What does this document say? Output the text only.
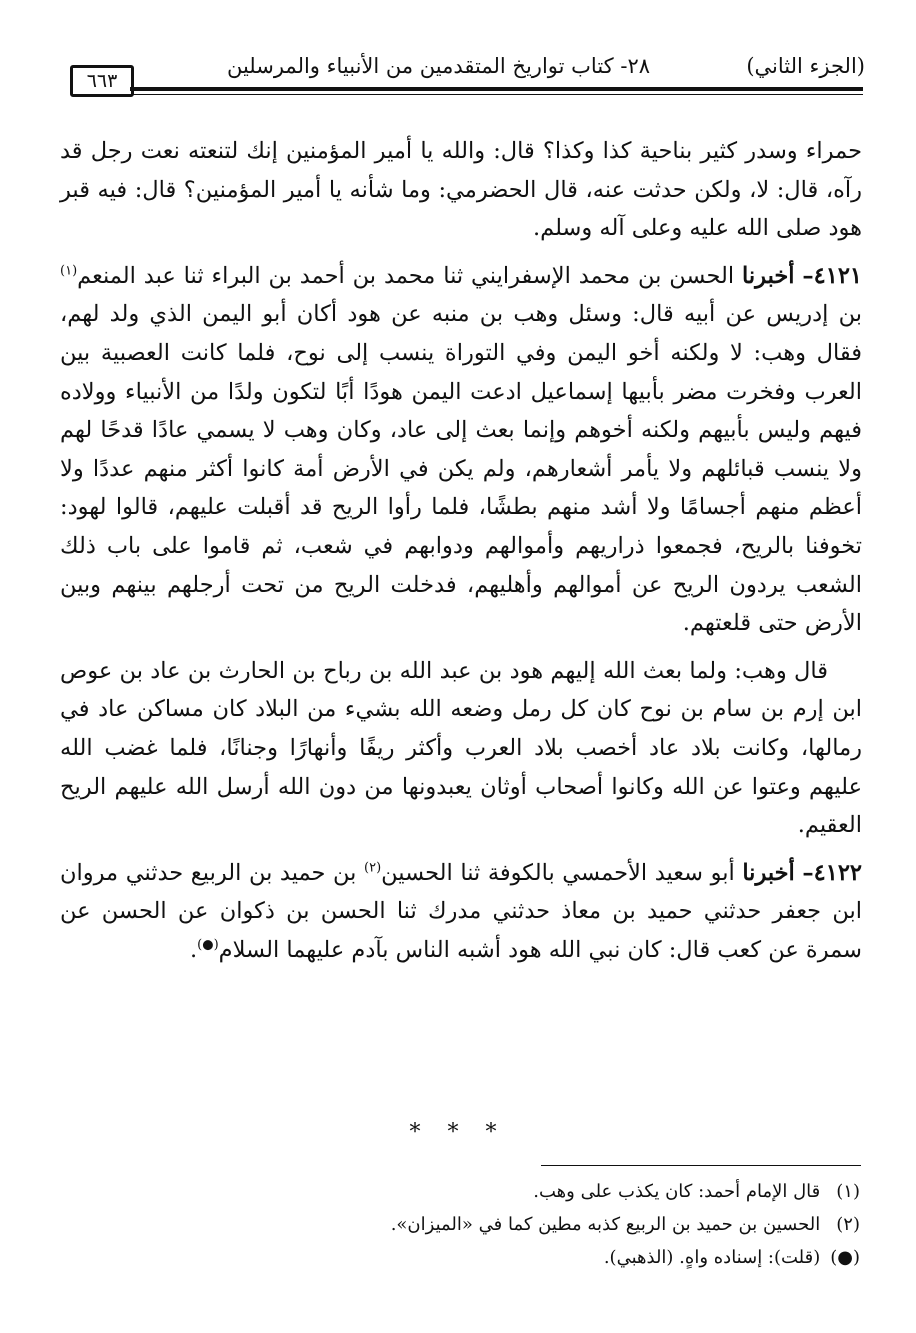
(الجزء الثاني)
٢٨- كتاب تواريخ المتقدمين من الأنبياء والمرسلين
٦٦٣

حمراء وسدر كثير بناحية كذا وكذا؟ قال: والله يا أمير المؤمنين إنك لتنعته نعت رجل قد رآه، قال: لا، ولكن حدثت عنه، قال الحضرمي: وما شأنه يا أمير المؤمنين؟ قال: فيه قبر هود صلى الله عليه وعلى آله وسلم.

٤١٢١– أخبرنا الحسن بن محمد الإسفرايني ثنا محمد بن أحمد بن البراء ثنا عبد المنعم$^{(١)}$ بن إدريس عن أبيه قال: وسئل وهب بن منبه عن هود أكان أبو اليمن الذي ولد لهم، فقال وهب: لا ولكنه أخو اليمن وفي التوراة ينسب إلى نوح، فلما كانت العصبية بين العرب وفخرت مضر بأبيها إسماعيل ادعت اليمن هودًا أبًا لتكون ولدًا من الأنبياء وولاده فيهم وليس بأبيهم ولكنه أخوهم وإنما بعث إلى عاد، وكان وهب لا يسمي عادًا قدحًا لهم ولا ينسب قبائلهم ولا يأمر أشعارهم، ولم يكن في الأرض أمة كانوا أكثر منهم عددًا ولا أعظم منهم أجسامًا ولا أشد منهم بطشًا، فلما رأوا الريح قد أقبلت عليهم، قالوا لهود: تخوفنا بالريح، فجمعوا ذراريهم وأموالهم ودوابهم في شعب، ثم قاموا على باب ذلك الشعب يردون الريح عن أموالهم وأهليهم، فدخلت الريح من تحت أرجلهم بينهم وبين الأرض حتى قلعتهم.

قال وهب: ولما بعث الله إليهم هود بن عبد الله بن رباح بن الحارث بن عاد بن عوص ابن إرم بن سام بن نوح كان كل رمل وضعه الله بشيء من البلاد كان مساكن عاد في رمالها، وكانت بلاد عاد أخصب بلاد العرب وأكثر ريفًا وأنهارًا وجنانًا، فلما غضب الله عليهم وعتوا عن الله وكانوا أصحاب أوثان يعبدونها من دون الله أرسل الله عليهم الريح العقيم.

٤١٢٢– أخبرنا أبو سعيد الأحمسي بالكوفة ثنا الحسين$^{(٢)}$ بن حميد بن الربيع حدثني مروان ابن جعفر حدثني حميد بن معاذ حدثني مدرك ثنا الحسن بن ذكوان عن الحسن عن سمرة عن كعب قال: كان نبي الله هود أشبه الناس بآدم عليهما السلام(●).

* * *
(١) قال الإمام أحمد: كان يكذب على وهب.
(٢) الحسين بن حميد بن الربيع كذبه مطين كما في «الميزان».
(●) (قلت): إسناده واهٍ. (الذهبي).
